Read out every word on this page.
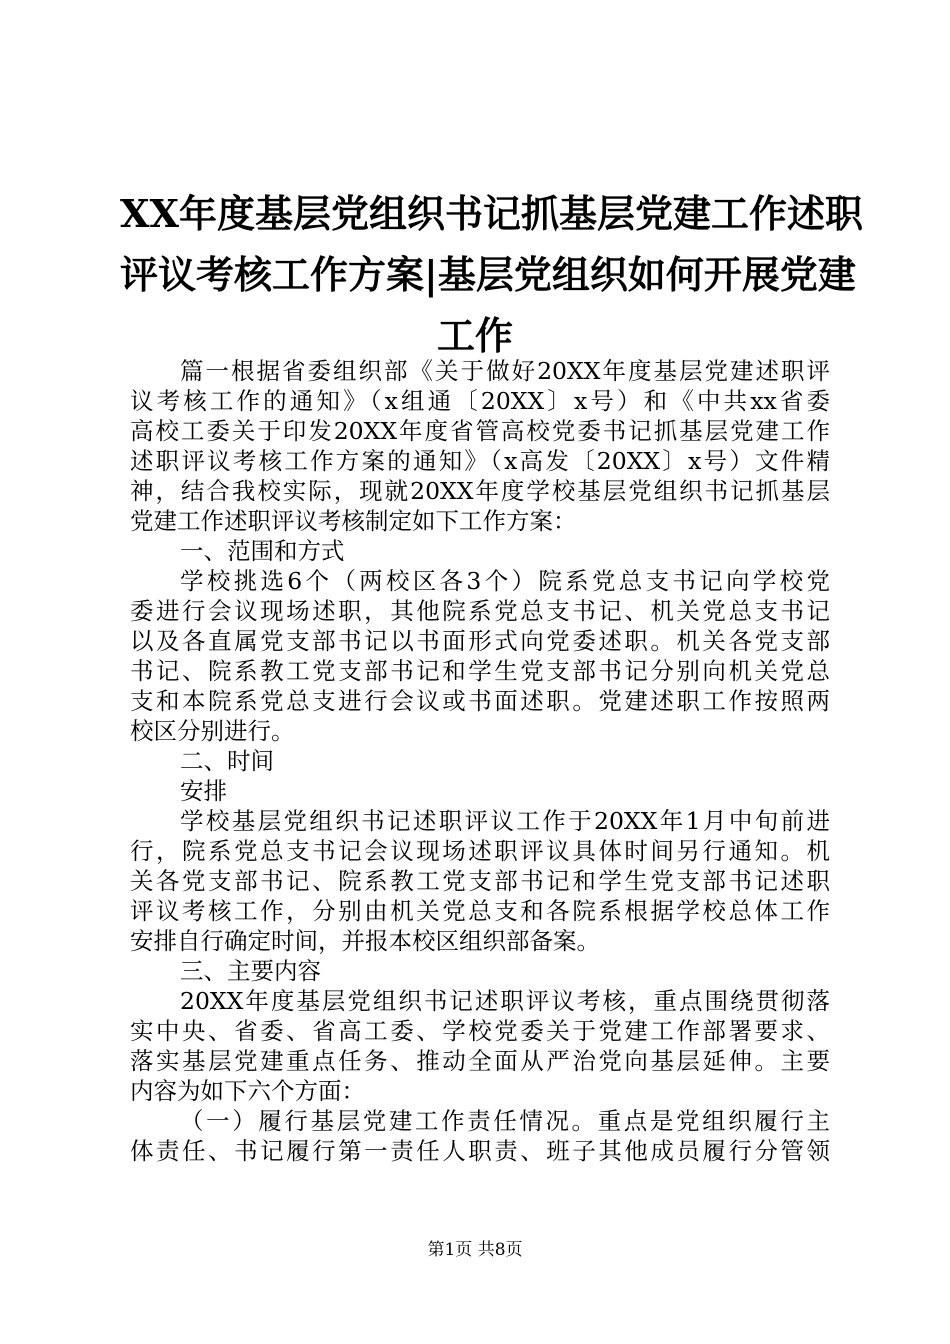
XX年度基层党组织书记抓基层党建工作述职
评议考核工作方案|基层党组织如何开展党建
工作
篇一根据省委组织部《关于做好20XX年度基层党建述职评
议考核工作的通知》（x组通〔20XX〕x号）和《中共xx省委
高校工委关于印发20XX年度省管高校党委书记抓基层党建工作
述职评议考核工作方案的通知》（x高发〔20XX〕x号）文件精
神，结合我校实际，现就20XX年度学校基层党组织书记抓基层
党建工作述职评议考核制定如下工作方案：
一、范围和方式
学校挑选6个（两校区各3个）院系党总支书记向学校党
委进行会议现场述职，其他院系党总支书记、机关党总支书记
以及各直属党支部书记以书面形式向党委述职。机关各党支部
书记、院系教工党支部书记和学生党支部书记分别向机关党总
支和本院系党总支进行会议或书面述职。党建述职工作按照两
校区分别进行。
二、时间
安排
学校基层党组织书记述职评议工作于20XX年1月中旬前进
行，院系党总支书记会议现场述职评议具体时间另行通知。机
关各党支部书记、院系教工党支部书记和学生党支部书记述职
评议考核工作，分别由机关党总支和各院系根据学校总体工作
安排自行确定时间，并报本校区组织部备案。
三、主要内容
20XX年度基层党组织书记述职评议考核，重点围绕贯彻落
实中央、省委、省高工委、学校党委关于党建工作部署要求、
落实基层党建重点任务、推动全面从严治党向基层延伸。主要
内容为如下六个方面：
（一）履行基层党建工作责任情况。重点是党组织履行主
体责任、书记履行第一责任人职责、班子其他成员履行分管领
第1页 共8页
